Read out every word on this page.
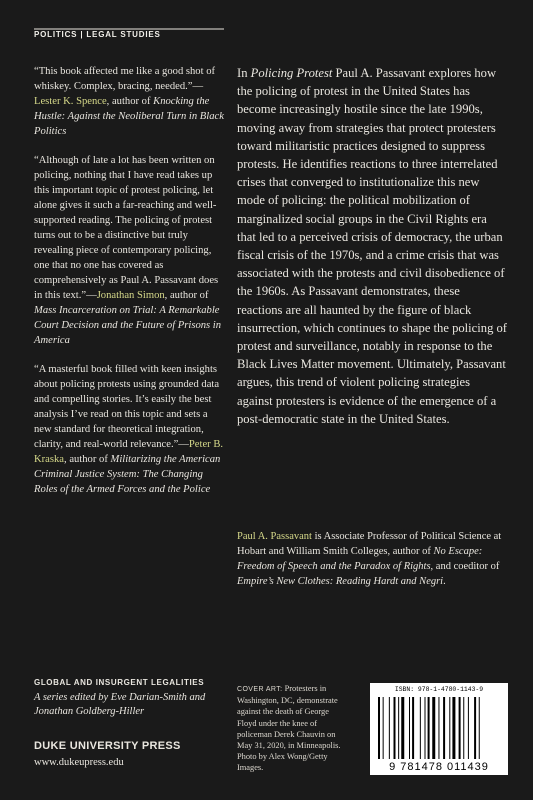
POLITICS | LEGAL STUDIES

“This book affected me like a good shot of whiskey. Complex, bracing, needed.”—Lester K. Spence, author of Knocking the Hustle: Against the Neoliberal Turn in Black Politics

“Although of late a lot has been written on policing, nothing that I have read takes up this important topic of protest policing, let alone gives it such a far-reaching and well-supported reading. The policing of protest turns out to be a distinctive but truly revealing piece of contemporary policing, one that no one has covered as comprehensively as Paul A. Passavant does in this text.”—Jonathan Simon, author of Mass Incarceration on Trial: A Remarkable Court Decision and the Future of Prisons in America

“A masterful book filled with keen insights about policing protests using grounded data and compelling stories. It’s easily the best analysis I’ve read on this topic and sets a new standard for theoretical integration, clarity, and real-world relevance.”—Peter B. Kraska, author of Militarizing the American Criminal Justice System: The Changing Roles of the Armed Forces and the Police

GLOBAL AND INSURGENT LEGALITIES
A series edited by Eve Darian-Smith and Jonathan Goldberg-Hiller
DUKE UNIVERSITY PRESS
www.dukeupress.edu

In Policing Protest Paul A. Passavant explores how the policing of protest in the United States has become increasingly hostile since the late 1990s, moving away from strategies that protect protesters toward militaristic practices designed to suppress protests. He identifies reactions to three interrelated crises that converged to institutionalize this new mode of policing: the political mobilization of marginalized social groups in the Civil Rights era that led to a perceived crisis of democracy, the urban fiscal crisis of the 1970s, and a crime crisis that was associated with the protests and civil disobedience of the 1960s. As Passavant demonstrates, these reactions are all haunted by the figure of black insurrection, which continues to shape the policing of protest and surveillance, notably in response to the Black Lives Matter movement. Ultimately, Passavant argues, this trend of violent policing strategies against protesters is evidence of the emergence of a post-democratic state in the United States.

Paul A. Passavant is Associate Professor of Political Science at Hobart and William Smith Colleges, author of No Escape: Freedom of Speech and the Paradox of Rights, and coeditor of Empire’s New Clothes: Reading Hardt and Negri.
COVER ART: Protesters in Washington, DC, demonstrate against the death of George Floyd under the knee of policeman Derek Chauvin on May 31, 2020, in Minneapolis. Photo by Alex Wong/Getty Images.
ISBN: 978-1-4780-1143-9
9 781478 011439
